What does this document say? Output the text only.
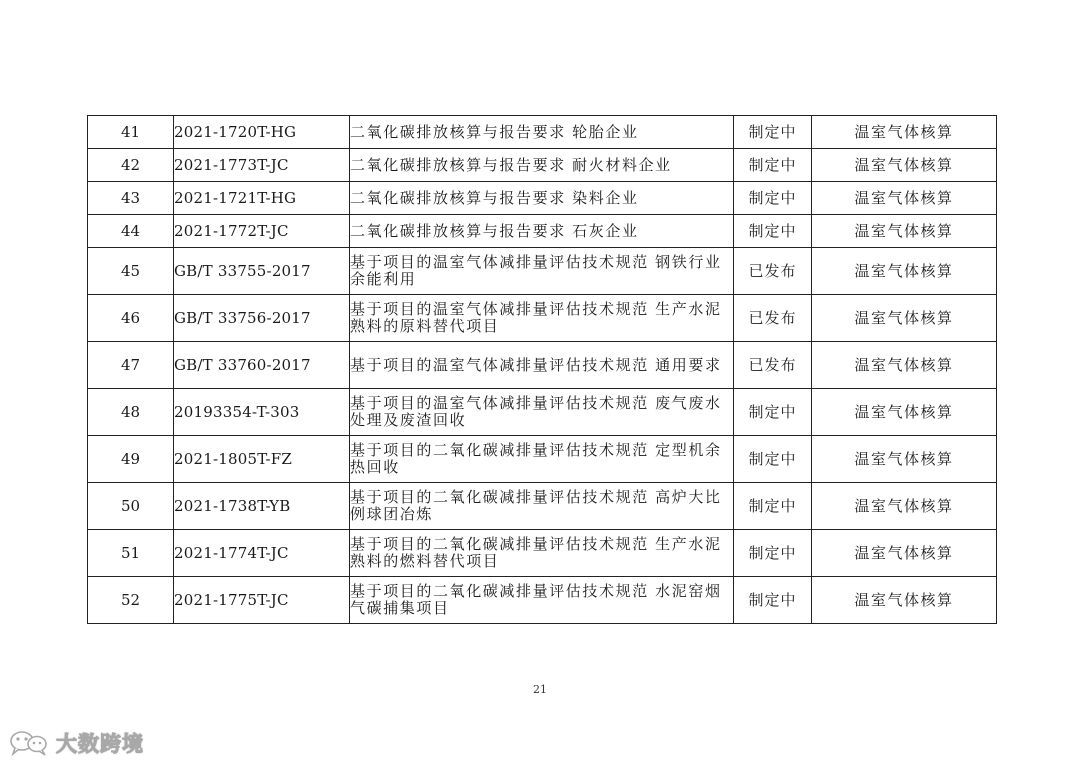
41	2021-1720T-HG	二氧化碳排放核算与报告要求 轮胎企业	制定中	温室气体核算
42	2021-1773T-JC	二氧化碳排放核算与报告要求 耐火材料企业	制定中	温室气体核算
43	2021-1721T-HG	二氧化碳排放核算与报告要求 染料企业	制定中	温室气体核算
44	2021-1772T-JC	二氧化碳排放核算与报告要求 石灰企业	制定中	温室气体核算
45	GB/T 33755-2017	基于项目的温室气体减排量评估技术规范 钢铁行业余能利用	已发布	温室气体核算
46	GB/T 33756-2017	基于项目的温室气体减排量评估技术规范 生产水泥熟料的原料替代项目	已发布	温室气体核算
47	GB/T 33760-2017	基于项目的温室气体减排量评估技术规范 通用要求	已发布	温室气体核算
48	20193354-T-303	基于项目的温室气体减排量评估技术规范 废气废水处理及废渣回收	制定中	温室气体核算
49	2021-1805T-FZ	基于项目的二氧化碳减排量评估技术规范 定型机余热回收	制定中	温室气体核算
50	2021-1738T-YB	基于项目的二氧化碳减排量评估技术规范 高炉大比例球团冶炼	制定中	温室气体核算
51	2021-1774T-JC	基于项目的二氧化碳减排量评估技术规范 生产水泥熟料的燃料替代项目	制定中	温室气体核算
52	2021-1775T-JC	基于项目的二氧化碳减排量评估技术规范 水泥窑烟气碳捕集项目	制定中	温室气体核算
21
大数跨境
